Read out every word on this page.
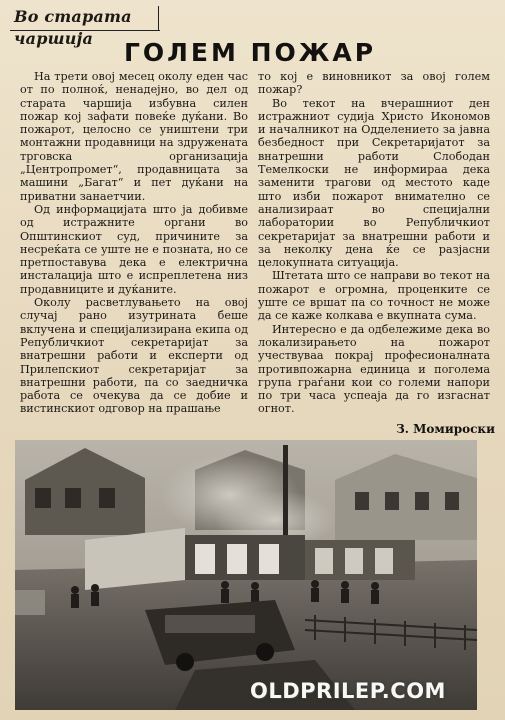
Во старата чаршија	ГОЛЕМ ПОЖАР

На трети овој месец околу еден час от по полноќ, ненадејно, во дел од старата чаршија избувна силен пожар кој зафати повеќе дуќани. Во пожарот, целосно се уништени три монтажни продавници на здружената трговска организација „Центропромет“, продавницата за машини „Багат“ и пет дуќани на приватни занаетчии.

Од информацијата што ја добивме од истражните органи во Општинскиот суд, причините за несреќата се уште не е позната, но се претпоставува дека е електрична инсталација што е испреплетена низ продавниците и дуќаните.

Околу расветлувањето на овој случај рано изутрината беше вклучена и специјализирана екипа од Републичкиот секретаријат за внатрешни работи и експерти од Прилепскиот секретаријат за внатрешни работи, па со заедничка работа се очекува да се добие и вистинскиот одговор на прашање

то кој е виновникот за овој голем пожар?

Во текот на вчерашниот ден истражниот судија Христо Икономов и началникот на Одделението за јавна безбедност при Секретаријатот за внатрешни работи Слободан Темелкоски не информираа дека заменити трагови од местото каде што изби пожарот внимателно се анализираат во специјални лаборатории во Републичкиот секретаријат за внатрешни работи и за неколку дена ќе се разјасни целокупната ситуација.

Штетата што се направи во текот на пожарот е огромна, проценките се уште се вршат па со точност не може да се каже колкава е вкупната сума.

Интересно е да одбележиме дека во локализирањето на пожарот учествуваа покрај професионалната противпожарна единица и поголема група граѓани кои со големи напори по три часа успеаја да го изгаснат огнот.

З. Момироски
OLDPRILEP.COM
